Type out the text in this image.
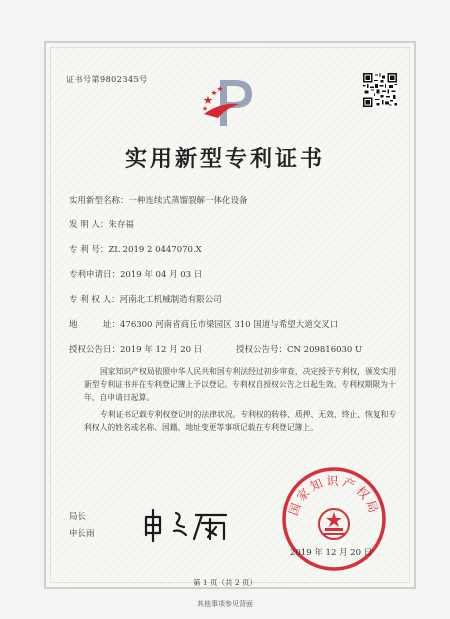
证书号第9802345号
实用新型专利证书
实用新型名称：一种连续式蒸馏裂解一体化设备
发 明 人：朱存福
专 利 号：ZL 2019 2 0447070.X
专利申请日：2019 年 04 月 03 日
专 利 权 人：河南北工机械制造有限公司
地　　　址：476300 河南省商丘市梁园区 310 国道与希望大道交叉口
授权公告日：2019 年 12 月 20 日	授权公告号：CN 209816030 U
国家知识产权局依照中华人民共和国专利法经过初步审查，决定授予专利权，颁发实用新型专利证书并在专利登记簿上予以登记。专利权自授权公告之日起生效。专利权期限为十年，自申请日起算。
专利证书记载专利权登记时的法律状况。专利权的转移、质押、无效、终止、恢复和专利权人的姓名或名称、国籍、地址变更等事项记载在专利登记簿上。
局长
申长雨
国家知识产权局
2019 年 12 月 20 日
第 1 页（共 2 页）
其他事项参见背面
